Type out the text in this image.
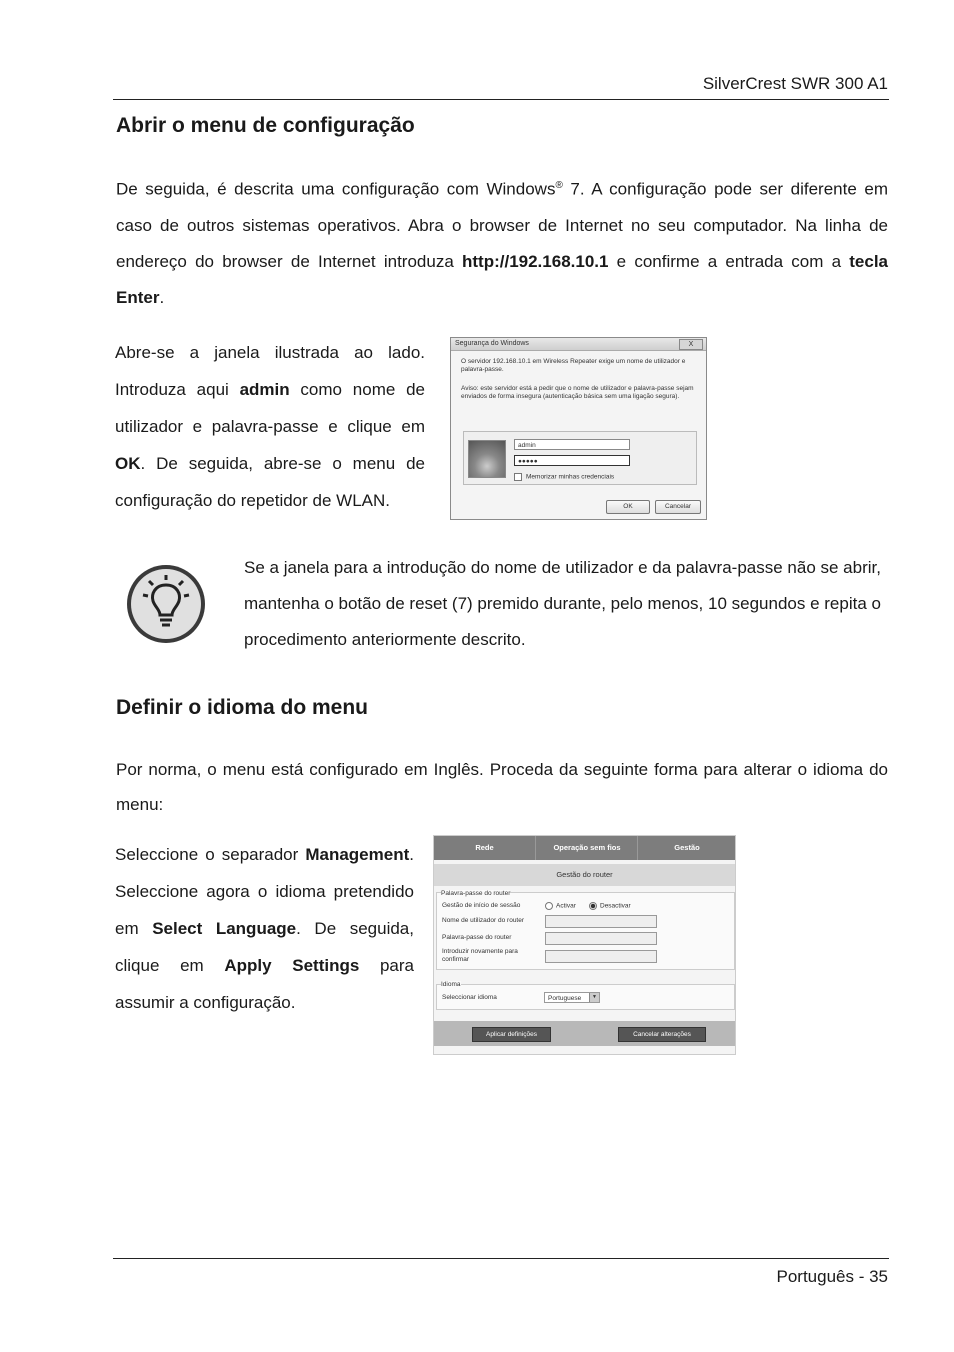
SilverCrest SWR 300 A1
Abrir o menu de configuração

De seguida, é descrita uma configuração com Windows® 7. A configuração pode ser diferente em caso de outros sistemas operativos. Abra o browser de Internet no seu computador. Na linha de endereço do browser de Internet introduza http://192.168.10.1 e confirme a entrada com a tecla Enter.

Abre-se a janela ilustrada ao lado. Introduza aqui admin como nome de utilizador e palavra-passe e clique em OK. De seguida, abre-se o menu de configuração do repetidor de WLAN.

Segurança do Windows	X
O servidor 192.168.10.1 em Wireless Repeater exige um nome de utilizador e palavra-passe.
Aviso: este servidor está a pedir que o nome de utilizador e palavra-passe sejam enviados de forma insegura (autenticação básica sem uma ligação segura).
admin
●●●●●
Memorizar minhas credenciais
OK	Cancelar

Se a janela para a introdução do nome de utilizador e da palavra-passe não se abrir, mantenha o botão de reset (7) premido durante, pelo menos, 10 segundos e repita o procedimento anteriormente descrito.

Definir o idioma do menu

Por norma, o menu está configurado em Inglês. Proceda da seguinte forma para alterar o idioma do menu:

Seleccione o separador Management. Seleccione agora o idioma pretendido em Select Language. De seguida, clique em Apply Settings para assumir a configuração.

Rede	Operação sem fios	Gestão
Gestão do router
Palavra-passe do router
Gestão de início de sessão	Activar	Desactivar
Nome de utilizador do router
Palavra-passe do router
Introduzir novamente para confirmar
Idioma
Seleccionar idioma	Portuguese	▼
Aplicar definições	Cancelar alterações
Português - 35
